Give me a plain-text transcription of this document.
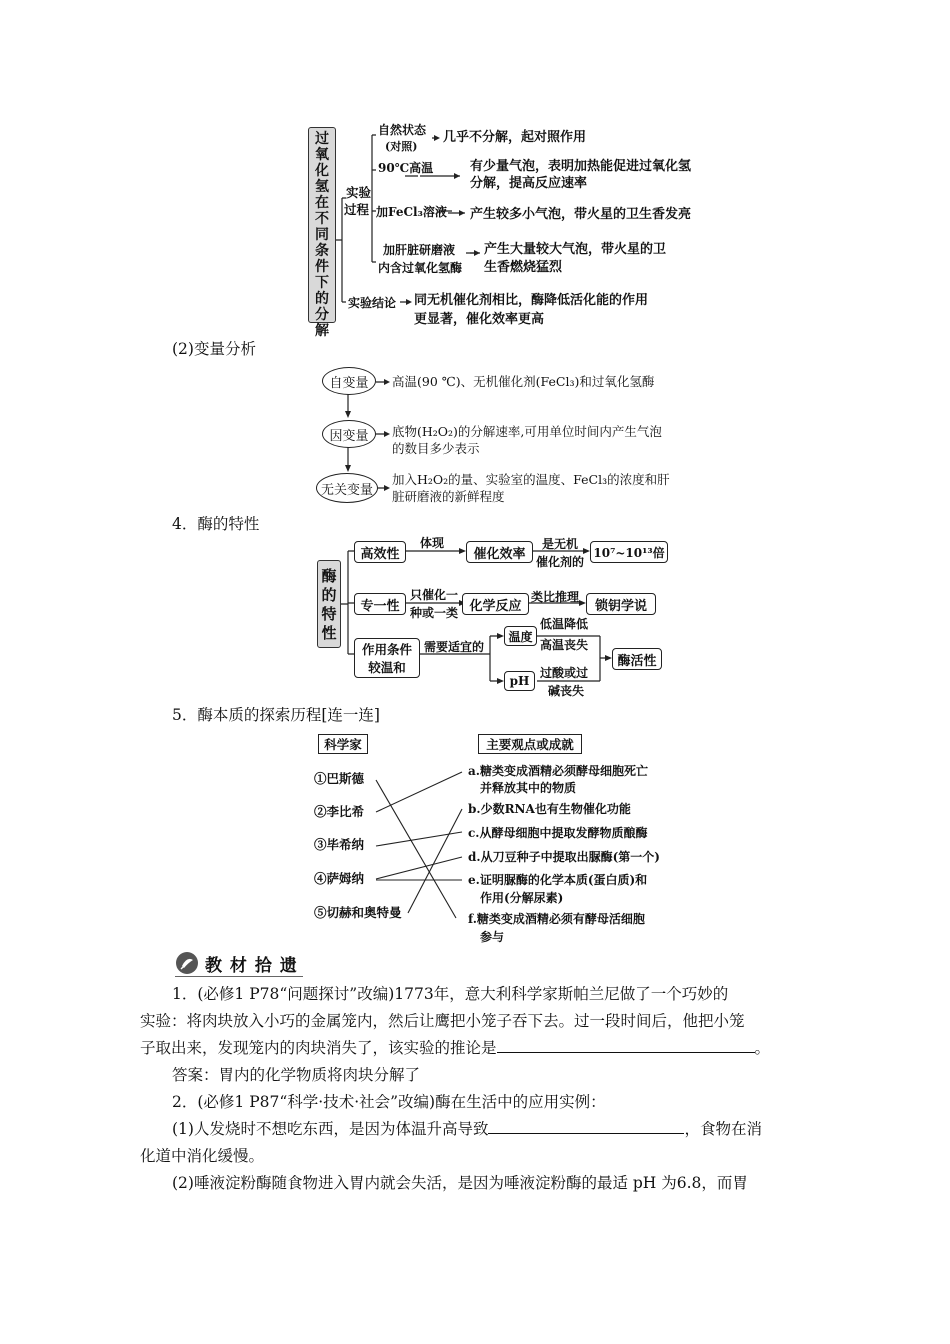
过
氧
化
氢
在
不
同
条
件
下
的
分
解
实验
过程
自然状态
(对照)
几乎不分解，起对照作用
90℃高温	有少量气泡，表明加热能促进过氧化氢
分解，提高反应速率
加FeCl₃溶液 产生较多小气泡，带火星的卫生香发亮
加肝脏研磨液
内含过氧化氢酶
产生大量较大气泡，带火星的卫
生香燃烧猛烈
实验结论 同无机催化剂相比，酶降低活化能的作用
更显著，催化效率更高
(2)变量分析
自变量
因变量
无关变量
高温(90 ℃)、无机催化剂(FeCl₃)和过氧化氢酶
底物(H₂O₂)的分解速率,可用单位时间内产生气泡
的数目多少表示
加入H₂O₂的量、实验室的温度、FeCl₃的浓度和肝
脏研磨液的新鲜程度
4．酶的特性
酶
的
特
性
高效性
体现
催化效率
是无机
催化剂的
10⁷~10¹³倍
专一性
只催化一
种或一类 化学反应
类比推理
锁钥学说
作用条件
较温和
需要适宜的
温度
低温降低
高温丧失
pH
过酸或过
碱丧失
酶活性
5．酶本质的探索历程[连一连]
科学家	主要观点或成就
①巴斯德
②李比希
③毕希纳
④萨姆纳
⑤切赫和奥特曼
a.糖类变成酒精必须酵母细胞死亡
并释放其中的物质
b.少数RNA也有生物催化功能
c.从酵母细胞中提取发酵物质酿酶
d.从刀豆种子中提取出脲酶(第一个)
e.证明脲酶的化学本质(蛋白质)和
作用(分解尿素)
f.糖类变成酒精必须有酵母活细胞
参与
教 材 拾 遗
1．(必修1 P78“问题探讨”改编)1773年，意大利科学家斯帕兰尼做了一个巧妙的
实验：将肉块放入小巧的金属笼内，然后让鹰把小笼子吞下去。过一段时间后，他把小笼
子取出来，发现笼内的肉块消失了，该实验的推论是	。
答案：胃内的化学物质将肉块分解了
2．(必修1 P87“科学·技术·社会”改编)酶在生活中的应用实例：
(1)人发烧时不想吃东西，是因为体温升高导致	，食物在消
化道中消化缓慢。
(2)唾液淀粉酶随食物进入胃内就会失活，是因为唾液淀粉酶的最适 pH 为6.8，而胃
